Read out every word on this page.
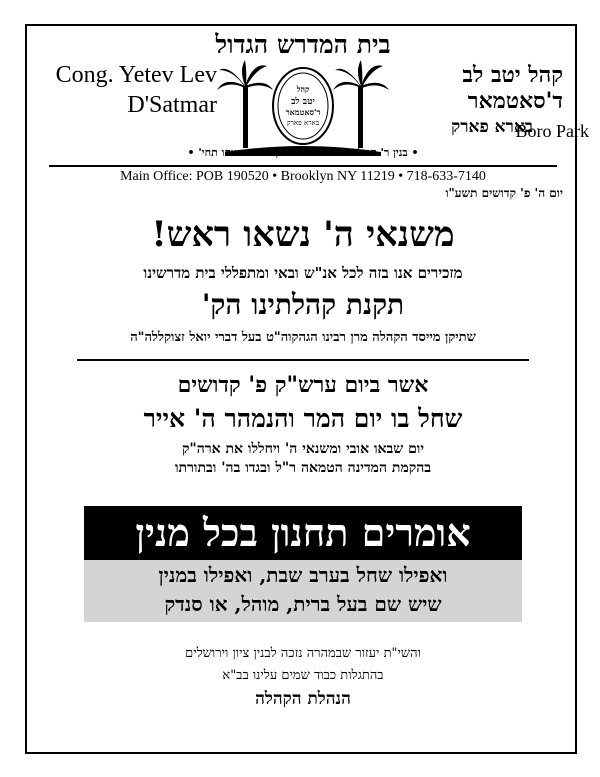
בית המדרש הגדול
קהל יטב לב
ד'סאטמאר
בארא פארק
Cong. Yetev Lev
D'Satmar
Boro Park
קהל
יטב לב
ד'סאטמאר
בארא פארק
• בנין ר' חנני' יו"ט ליפא הילמאן ע"ה הונצחו תחי' •
Main Office: POB 190520 • Brooklyn NY 11219 • 718-633-7140
יום ה' פ' קדושים תשע"ו
משנאי ה' נשאו ראש!
מזכירים אנו בזה לכל אנ"ש ובאי ומתפללי בית מדרשינו
תקנת קהלתינו הק'
שתיקן מייסד הקהלה מרן רבינו הגהקוה"ט בעל דברי יואל זצוקללה"ה
אשר ביום ערש"ק פ' קדושים
שחל בו יום המר והנמהר ה' אייר
יום שבאו אובי ומשנאי ה' ויחללו את ארה"ק
בהקמת המדינה הטמאה ר"ל ובגדו בה' ובתורתו
אומרים תחנון בכל מנין
ואפילו שחל בערב שבת, ואפילו במנין
שיש שם בעל ברית, מוהל, או סנדק
והשי"ת יעזור שבמהרה נזכה לבנין ציון וירושלים
בהתגלות כבוד שמים עלינו בב"א
הנהלת הקהלה
